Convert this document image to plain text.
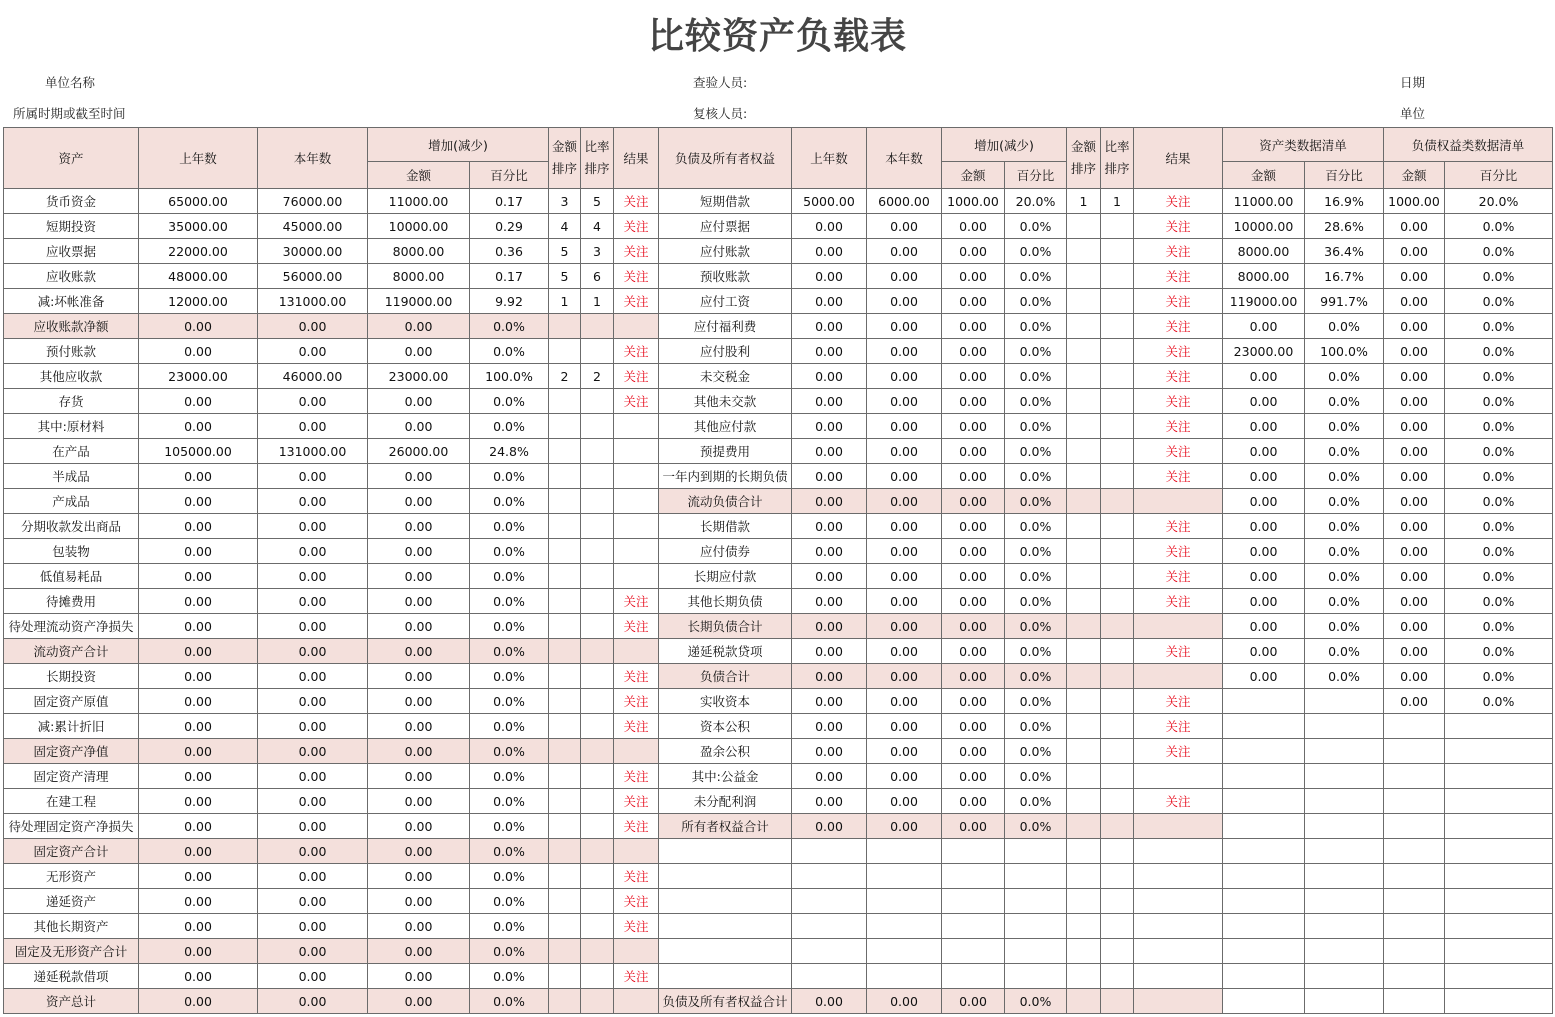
比较资产负载表
单位名称
所属时期或截至时间
查验人员:
复核人员:
日期
单位
资产	上年数	本年数	增加(减少)		金额排序	比率排序	结果	负债及所有者权益	上年数	本年数	增加(减少)		金额排序	比率排序	结果	资产类数据清单		负债权益类数据清单	
			金额	百分比							金额	百分比				金额	百分比	金额	百分比
货币资金	65000.00	76000.00	11000.00	0.17	3	5	关注	短期借款	5000.00	6000.00	1000.00	20.0%	1	1	关注	11000.00	16.9%	1000.00	20.0%
短期投资	35000.00	45000.00	10000.00	0.29	4	4	关注	应付票据	0.00	0.00	0.00	0.0%			关注	10000.00	28.6%	0.00	0.0%
应收票据	22000.00	30000.00	8000.00	0.36	5	3	关注	应付账款	0.00	0.00	0.00	0.0%			关注	8000.00	36.4%	0.00	0.0%
应收账款	48000.00	56000.00	8000.00	0.17	5	6	关注	预收账款	0.00	0.00	0.00	0.0%			关注	8000.00	16.7%	0.00	0.0%
减:坏帐准备	12000.00	131000.00	119000.00	9.92	1	1	关注	应付工资	0.00	0.00	0.00	0.0%			关注	119000.00	991.7%	0.00	0.0%
应收账款净额	0.00	0.00	0.00	0.0%				应付福利费	0.00	0.00	0.00	0.0%			关注	0.00	0.0%	0.00	0.0%
预付账款	0.00	0.00	0.00	0.0%			关注	应付股利	0.00	0.00	0.00	0.0%			关注	23000.00	100.0%	0.00	0.0%
其他应收款	23000.00	46000.00	23000.00	100.0%	2	2	关注	未交税金	0.00	0.00	0.00	0.0%			关注	0.00	0.0%	0.00	0.0%
存货	0.00	0.00	0.00	0.0%			关注	其他未交款	0.00	0.00	0.00	0.0%			关注	0.00	0.0%	0.00	0.0%
其中:原材料	0.00	0.00	0.00	0.0%				其他应付款	0.00	0.00	0.00	0.0%			关注	0.00	0.0%	0.00	0.0%
在产品	105000.00	131000.00	26000.00	24.8%				预提费用	0.00	0.00	0.00	0.0%			关注	0.00	0.0%	0.00	0.0%
半成品	0.00	0.00	0.00	0.0%				一年内到期的长期负债	0.00	0.00	0.00	0.0%			关注	0.00	0.0%	0.00	0.0%
产成品	0.00	0.00	0.00	0.0%				流动负债合计	0.00	0.00	0.00	0.0%				0.00	0.0%	0.00	0.0%
分期收款发出商品	0.00	0.00	0.00	0.0%				长期借款	0.00	0.00	0.00	0.0%			关注	0.00	0.0%	0.00	0.0%
包装物	0.00	0.00	0.00	0.0%				应付债券	0.00	0.00	0.00	0.0%			关注	0.00	0.0%	0.00	0.0%
低值易耗品	0.00	0.00	0.00	0.0%				长期应付款	0.00	0.00	0.00	0.0%			关注	0.00	0.0%	0.00	0.0%
待摊费用	0.00	0.00	0.00	0.0%			关注	其他长期负债	0.00	0.00	0.00	0.0%			关注	0.00	0.0%	0.00	0.0%
待处理流动资产净损失	0.00	0.00	0.00	0.0%			关注	长期负债合计	0.00	0.00	0.00	0.0%				0.00	0.0%	0.00	0.0%
流动资产合计	0.00	0.00	0.00	0.0%				递延税款贷项	0.00	0.00	0.00	0.0%			关注	0.00	0.0%	0.00	0.0%
长期投资	0.00	0.00	0.00	0.0%			关注	负债合计	0.00	0.00	0.00	0.0%				0.00	0.0%	0.00	0.0%
固定资产原值	0.00	0.00	0.00	0.0%			关注	实收资本	0.00	0.00	0.00	0.0%			关注			0.00	0.0%
减:累计折旧	0.00	0.00	0.00	0.0%			关注	资本公积	0.00	0.00	0.00	0.0%			关注				
固定资产净值	0.00	0.00	0.00	0.0%				盈余公积	0.00	0.00	0.00	0.0%			关注				
固定资产清理	0.00	0.00	0.00	0.0%			关注	其中:公益金	0.00	0.00	0.00	0.0%							
在建工程	0.00	0.00	0.00	0.0%			关注	未分配利润	0.00	0.00	0.00	0.0%			关注				
待处理固定资产净损失	0.00	0.00	0.00	0.0%			关注	所有者权益合计	0.00	0.00	0.00	0.0%							
固定资产合计	0.00	0.00	0.00	0.0%															
无形资产	0.00	0.00	0.00	0.0%			关注												
递延资产	0.00	0.00	0.00	0.0%			关注												
其他长期资产	0.00	0.00	0.00	0.0%			关注												
固定及无形资产合计	0.00	0.00	0.00	0.0%															
递延税款借项	0.00	0.00	0.00	0.0%			关注												
资产总计	0.00	0.00	0.00	0.0%				负债及所有者权益合计	0.00	0.00	0.00	0.0%							
